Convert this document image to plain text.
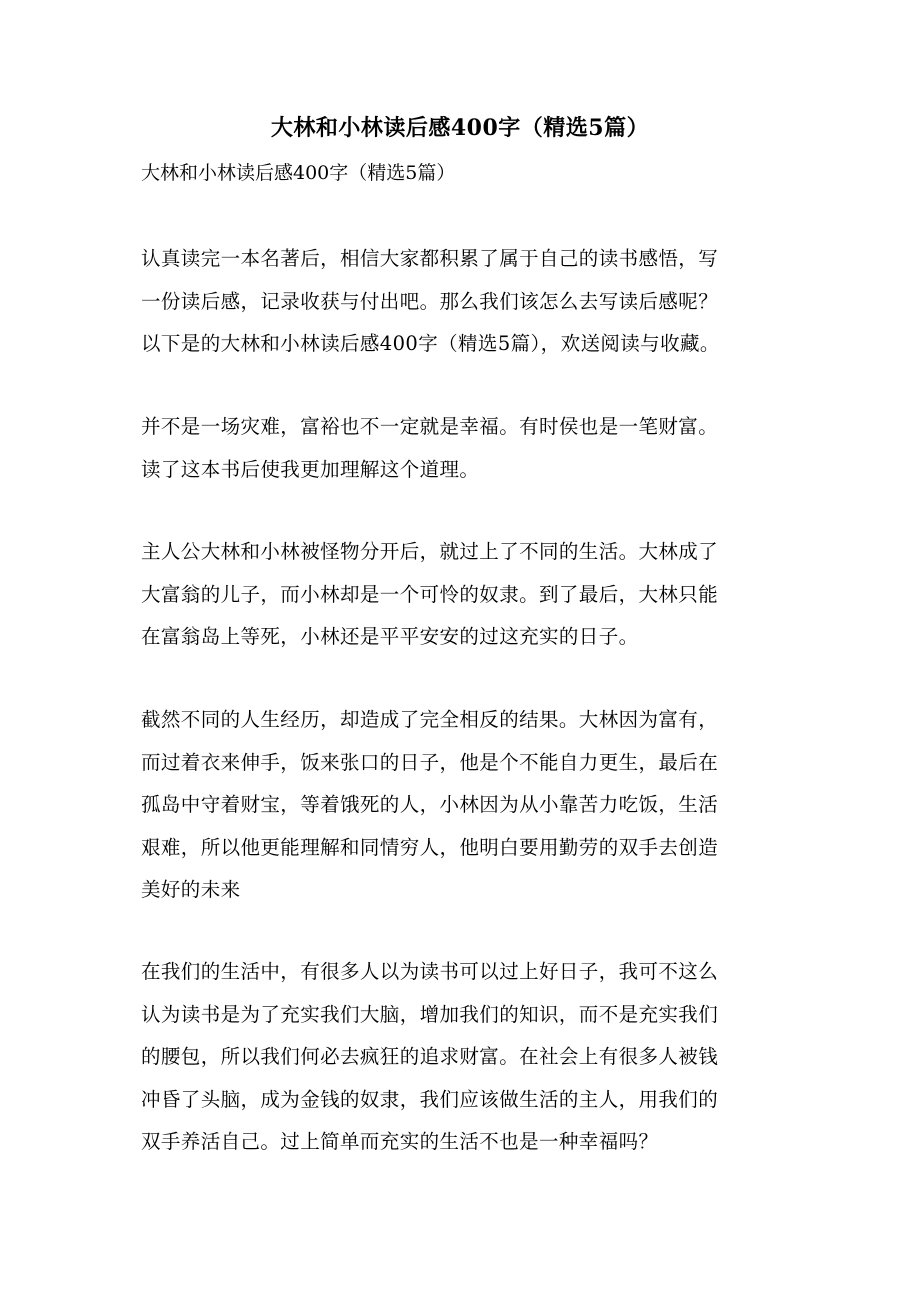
大林和小林读后感400字（精选5篇）
大林和小林读后感400字（精选5篇）
认真读完一本名著后，相信大家都积累了属于自己的读书感悟，写
一份读后感，记录收获与付出吧。那么我们该怎么去写读后感呢？
以下是的大林和小林读后感400字（精选5篇），欢送阅读与收藏。
并不是一场灾难，富裕也不一定就是幸福。有时侯也是一笔财富。
读了这本书后使我更加理解这个道理。
主人公大林和小林被怪物分开后，就过上了不同的生活。大林成了
大富翁的儿子，而小林却是一个可怜的奴隶。到了最后，大林只能
在富翁岛上等死，小林还是平平安安的过这充实的日子。
截然不同的人生经历，却造成了完全相反的结果。大林因为富有，
而过着衣来伸手，饭来张口的日子，他是个不能自力更生，最后在
孤岛中守着财宝，等着饿死的人，小林因为从小靠苦力吃饭，生活
艰难，所以他更能理解和同情穷人，他明白要用勤劳的双手去创造
美好的未来
在我们的生活中，有很多人以为读书可以过上好日子，我可不这么
认为读书是为了充实我们大脑，增加我们的知识，而不是充实我们
的腰包，所以我们何必去疯狂的追求财富。在社会上有很多人被钱
冲昏了头脑，成为金钱的奴隶，我们应该做生活的主人，用我们的
双手养活自己。过上简单而充实的生活不也是一种幸福吗？
